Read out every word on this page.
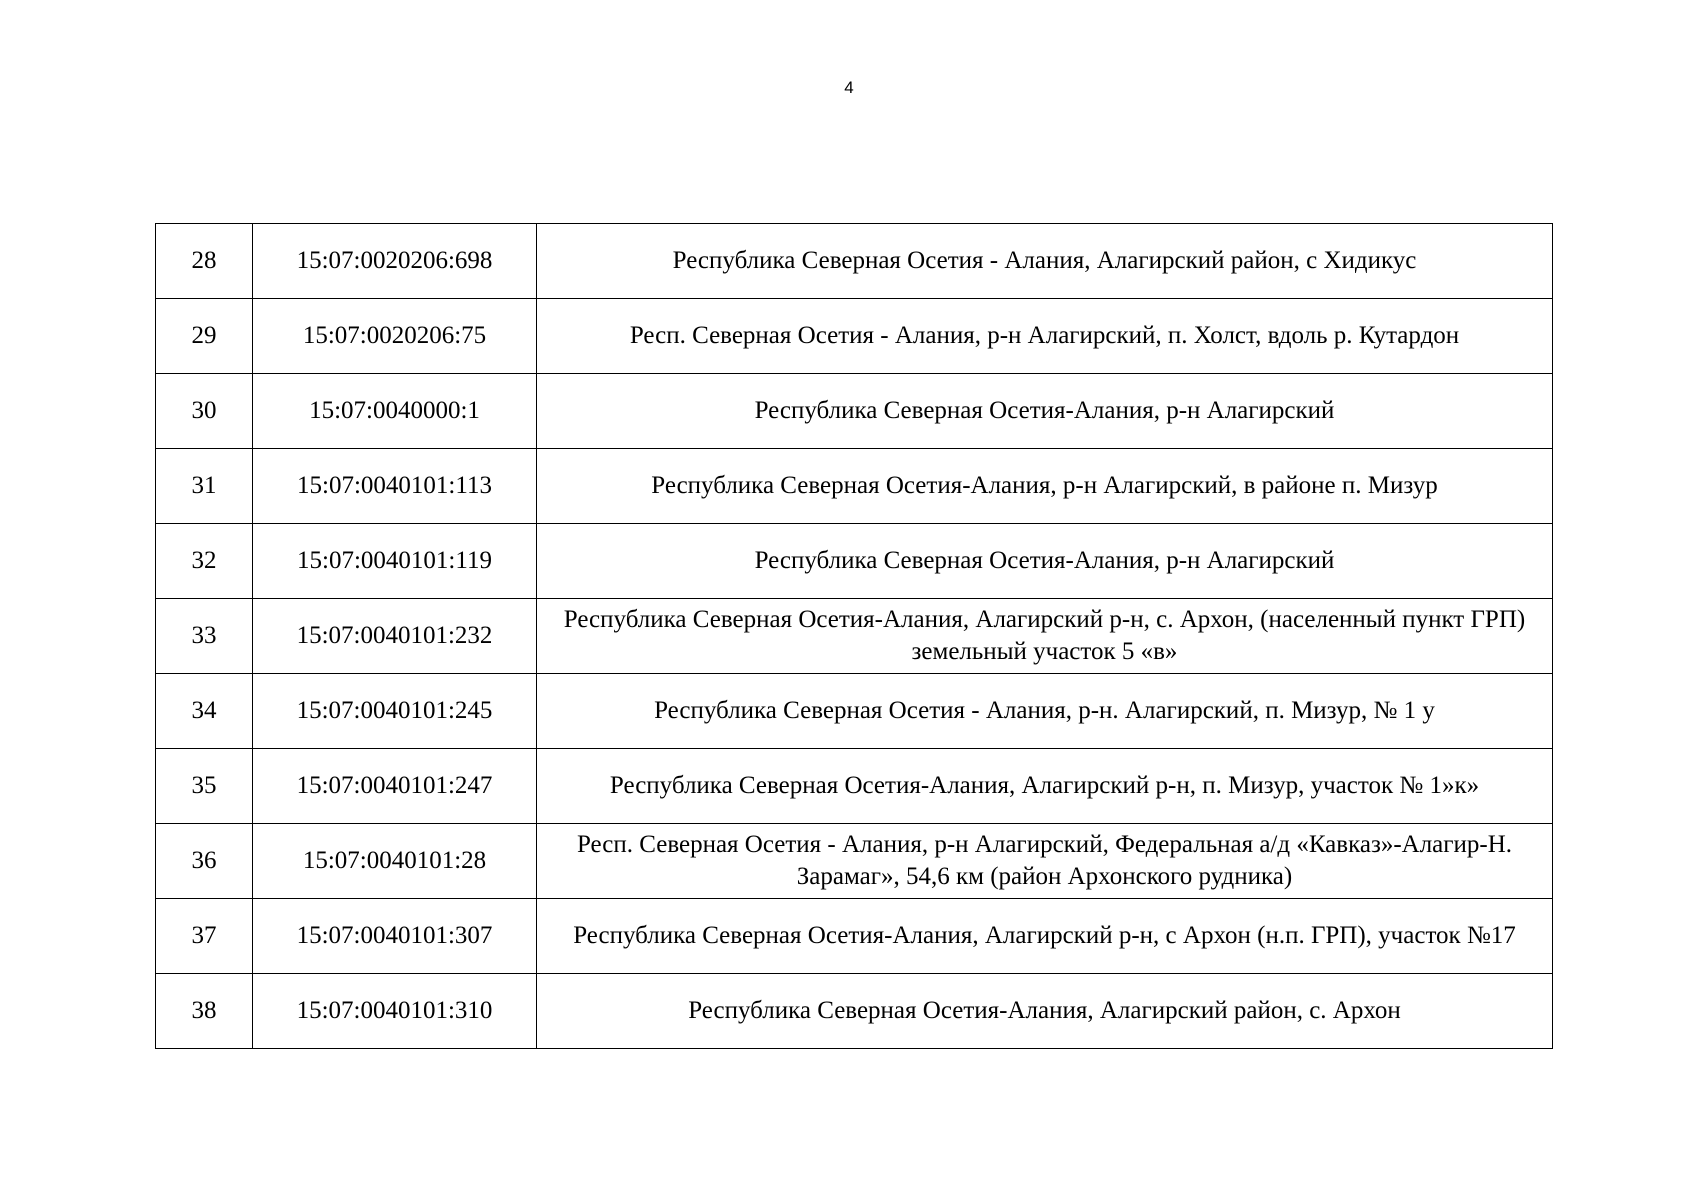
4
28	15:07:0020206:698	Республика Северная Осетия - Алания, Алагирский район, с Хидикус
29	15:07:0020206:75	Респ. Северная Осетия - Алания, р-н Алагирский, п. Холст, вдоль р. Кутардон
30	15:07:0040000:1	Республика Северная Осетия-Алания, р-н Алагирский
31	15:07:0040101:113	Республика Северная Осетия-Алания, р-н Алагирский, в районе п. Мизур
32	15:07:0040101:119	Республика Северная Осетия-Алания, р-н Алагирский
33	15:07:0040101:232	Республика Северная Осетия-Алания, Алагирский р-н, с. Архон, (населенный пункт ГРП) земельный участок 5 «в»
34	15:07:0040101:245	Республика Северная Осетия - Алания, р-н. Алагирский, п. Мизур, № 1 у
35	15:07:0040101:247	Республика Северная Осетия-Алания, Алагирский р-н, п. Мизур, участок № 1»к»
36	15:07:0040101:28	Респ. Северная Осетия - Алания, р-н Алагирский, Федеральная а/д «Кавказ»-Алагир-Н. Зарамаг», 54,6 км (район Архонского рудника)
37	15:07:0040101:307	Республика Северная Осетия-Алания, Алагирский р-н, с Архон (н.п. ГРП), участок №17
38	15:07:0040101:310	Республика Северная Осетия-Алания, Алагирский район, с. Архон
